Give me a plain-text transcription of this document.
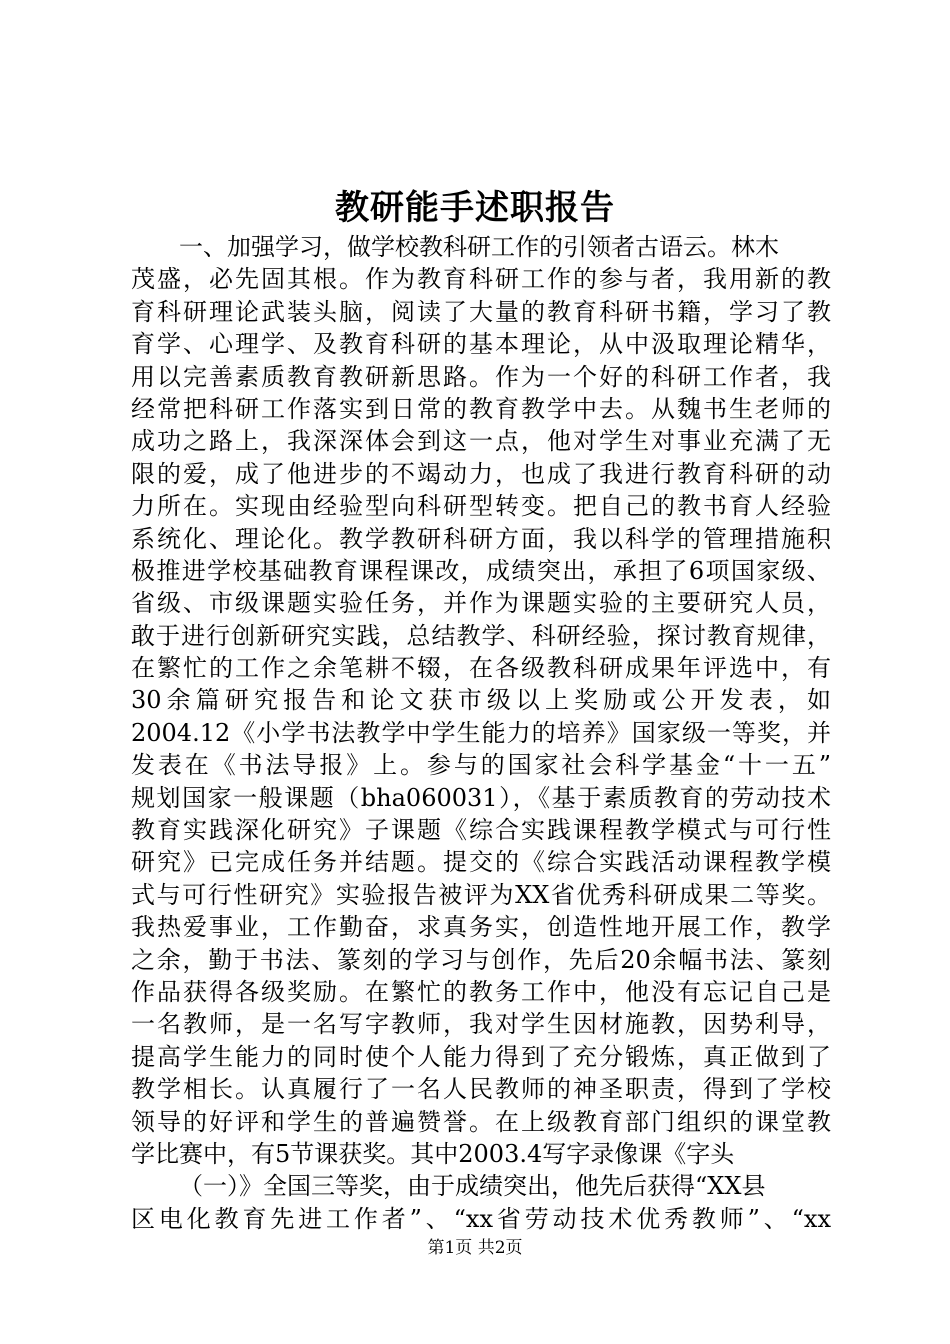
教研能手述职报告
一、加强学习，做学校教科研工作的引领者古语云。林木
茂盛，必先固其根。作为教育科研工作的参与者，我用新的教
育科研理论武装头脑，阅读了大量的教育科研书籍，学习了教
育学、心理学、及教育科研的基本理论，从中汲取理论精华，
用以完善素质教育教研新思路。作为一个好的科研工作者，我
经常把科研工作落实到日常的教育教学中去。从魏书生老师的
成功之路上，我深深体会到这一点，他对学生对事业充满了无
限的爱，成了他进步的不竭动力，也成了我进行教育科研的动
力所在。实现由经验型向科研型转变。把自己的教书育人经验
系统化、理论化。教学教研科研方面，我以科学的管理措施积
极推进学校基础教育课程课改，成绩突出，承担了6项国家级、
省级、市级课题实验任务，并作为课题实验的主要研究人员，
敢于进行创新研究实践，总结教学、科研经验，探讨教育规律，
在繁忙的工作之余笔耕不辍，在各级教科研成果年评选中，有
30余篇研究报告和论文获市级以上奖励或公开发表，如
2004.12《小学书法教学中学生能力的培养》国家级一等奖，并
发表在《书法导报》上。参与的国家社会科学基金“十一五”
规划国家一般课题（bha060031），《基于素质教育的劳动技术
教育实践深化研究》子课题《综合实践课程教学模式与可行性
研究》已完成任务并结题。提交的《综合实践活动课程教学模
式与可行性研究》实验报告被评为XX省优秀科研成果二等奖。
我热爱事业，工作勤奋，求真务实，创造性地开展工作，教学
之余，勤于书法、篆刻的学习与创作，先后20余幅书法、篆刻
作品获得各级奖励。在繁忙的教务工作中，他没有忘记自己是
一名教师，是一名写字教师，我对学生因材施教，因势利导，
提高学生能力的同时使个人能力得到了充分锻炼，真正做到了
教学相长。认真履行了一名人民教师的神圣职责，得到了学校
领导的好评和学生的普遍赞誉。在上级教育部门组织的课堂教
学比赛中，有5节课获奖。其中2003.4写字录像课《字头
（一）》全国三等奖，由于成绩突出，他先后获得“XX县
区电化教育先进工作者”、“xx省劳动技术优秀教师”、“xx
第1页 共2页
